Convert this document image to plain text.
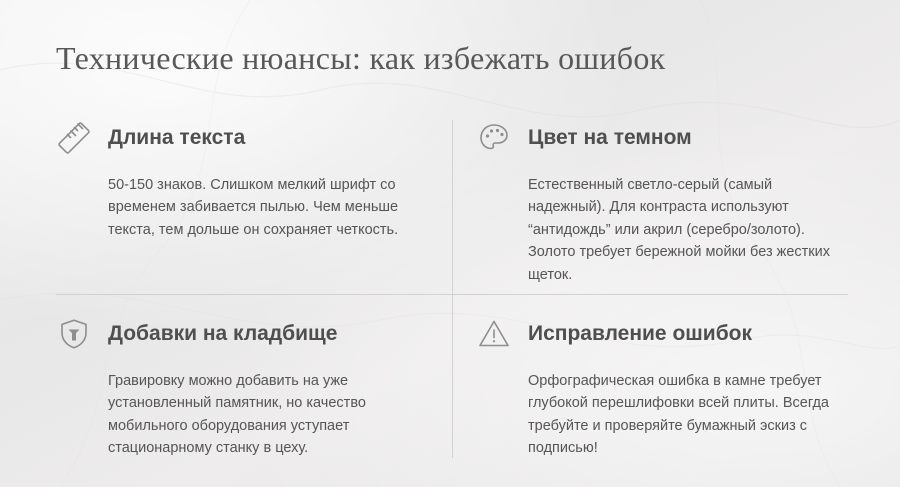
Технические нюансы: как избежать ошибок
Длина текста
50-150 знаков. Слишком мелкий шрифт со временем забивается пылью. Чем меньше текста, тем дольше он сохраняет четкость.
Цвет на темном
Естественный светло-серый (самый надежный). Для контраста используют “антидождь” или акрил (серебро/золото). Золото требует бережной мойки без жестких щеток.
Добавки на кладбище
Гравировку можно добавить на уже установленный памятник, но качество мобильного оборудования уступает стационарному станку в цеху.
Исправление ошибок
Орфографическая ошибка в камне требует глубокой перешлифовки всей плиты. Всегда требуйте и проверяйте бумажный эскиз с подписью!
